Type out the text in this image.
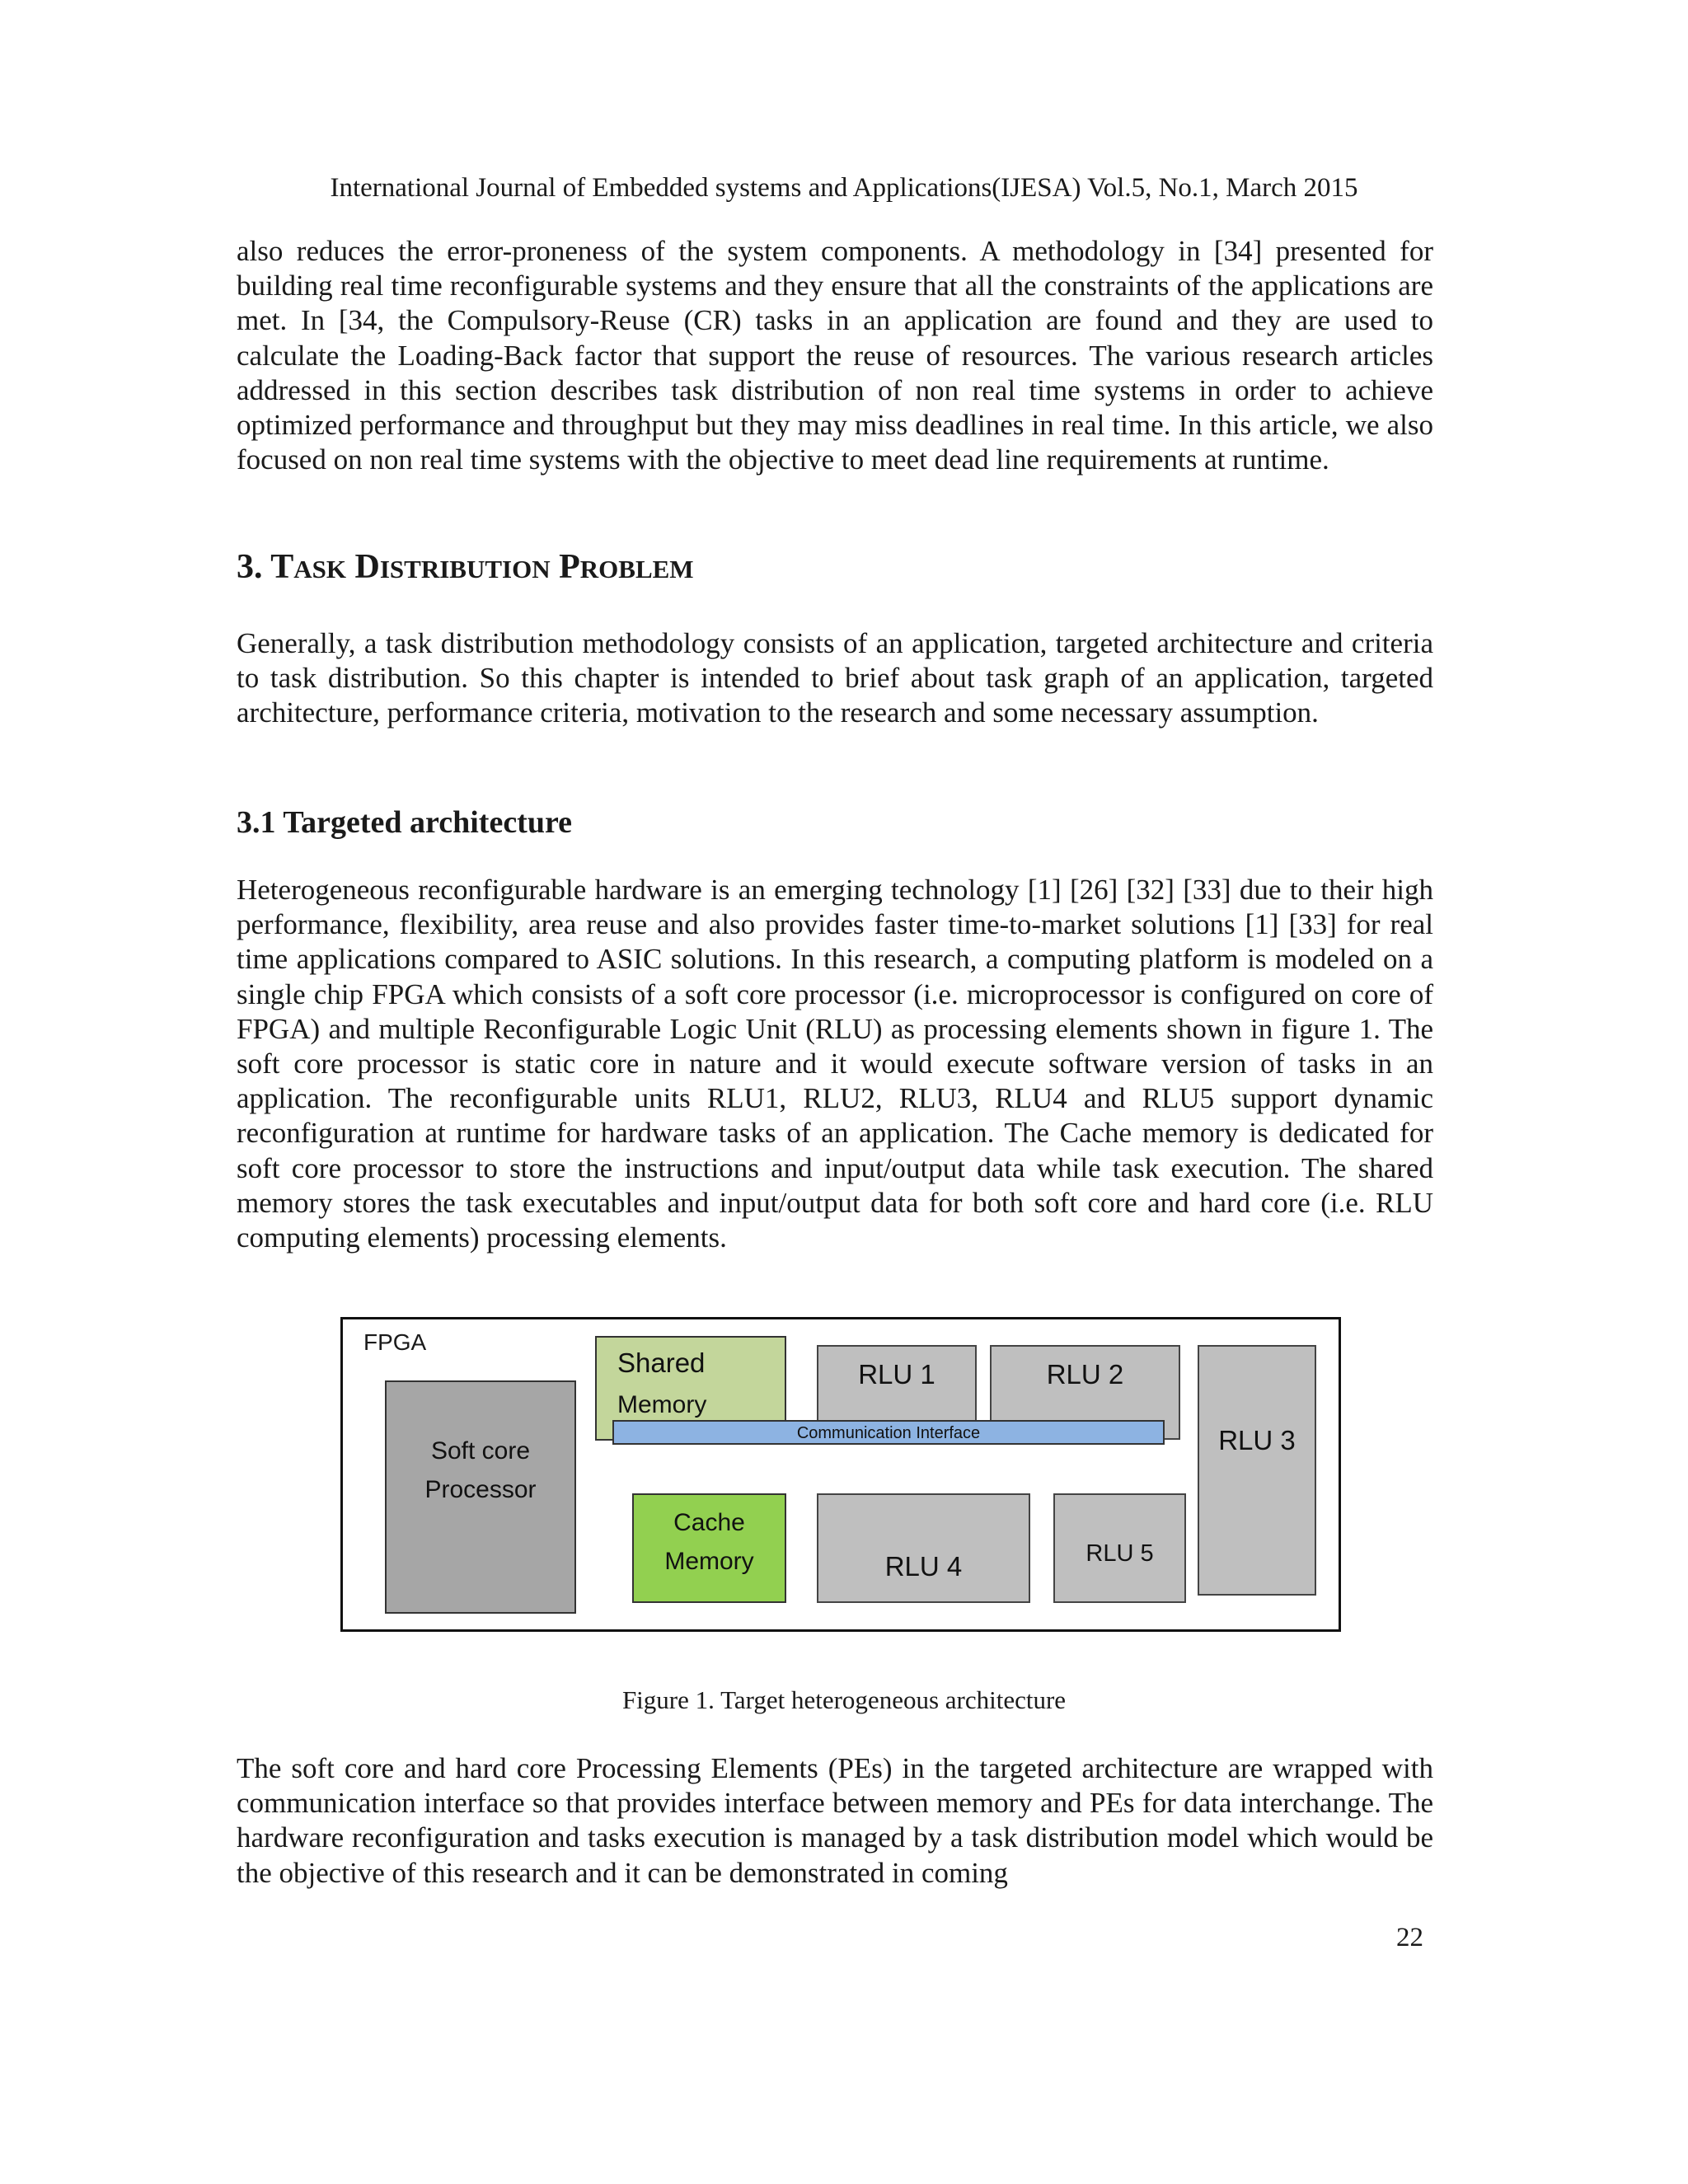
International Journal of Embedded systems and Applications(IJESA) Vol.5, No.1, March 2015

also reduces the error-proneness of the system components. A methodology in [34] presented for building real time reconfigurable systems and they ensure that all the constraints of the applications are met. In [34, the Compulsory-Reuse (CR) tasks in an application are found and they are used to calculate the Loading-Back factor that support the reuse of resources. The various research articles addressed in this section describes task distribution of non real time systems in order to achieve optimized performance and throughput but they may miss deadlines in real time. In this article, we also focused on non real time systems with the objective to meet dead line requirements at runtime.

3. TASK DISTRIBUTION PROBLEM

Generally, a task distribution methodology consists of an application, targeted architecture and criteria to task distribution. So this chapter is intended to brief about task graph of an application, targeted architecture, performance criteria, motivation to the research and some necessary assumption.

3.1 Targeted architecture

Heterogeneous reconfigurable hardware is an emerging technology [1] [26] [32] [33] due to their high performance, flexibility, area reuse and also provides faster time-to-market solutions [1] [33] for real time applications compared to ASIC solutions. In this research, a computing platform is modeled on a single chip FPGA which consists of a soft core processor (i.e. microprocessor is configured on core of FPGA) and multiple Reconfigurable Logic Unit (RLU) as processing elements shown in figure 1. The soft core processor is static core in nature and it would execute software version of tasks in an application. The reconfigurable units RLU1, RLU2, RLU3, RLU4 and RLU5 support dynamic reconfiguration at runtime for hardware tasks of an application. The Cache memory is dedicated for soft core processor to store the instructions and input/output data while task execution. The shared memory stores the task executables and input/output data for both soft core and hard core (i.e. RLU computing elements) processing elements.

FPGA
Soft core
Processor
Shared
Memory
Communication Interface
Cache
Memory
RLU 1	RLU 2
RLU 3
RLU 4	RLU 5
Figure 1. Target heterogeneous architecture

The soft core and hard core Processing Elements (PEs) in the targeted architecture are wrapped with communication interface so that provides interface between memory and PEs for data interchange. The hardware reconfiguration and tasks execution is managed by a task distribution model which would be the objective of this research and it can be demonstrated in coming

22
